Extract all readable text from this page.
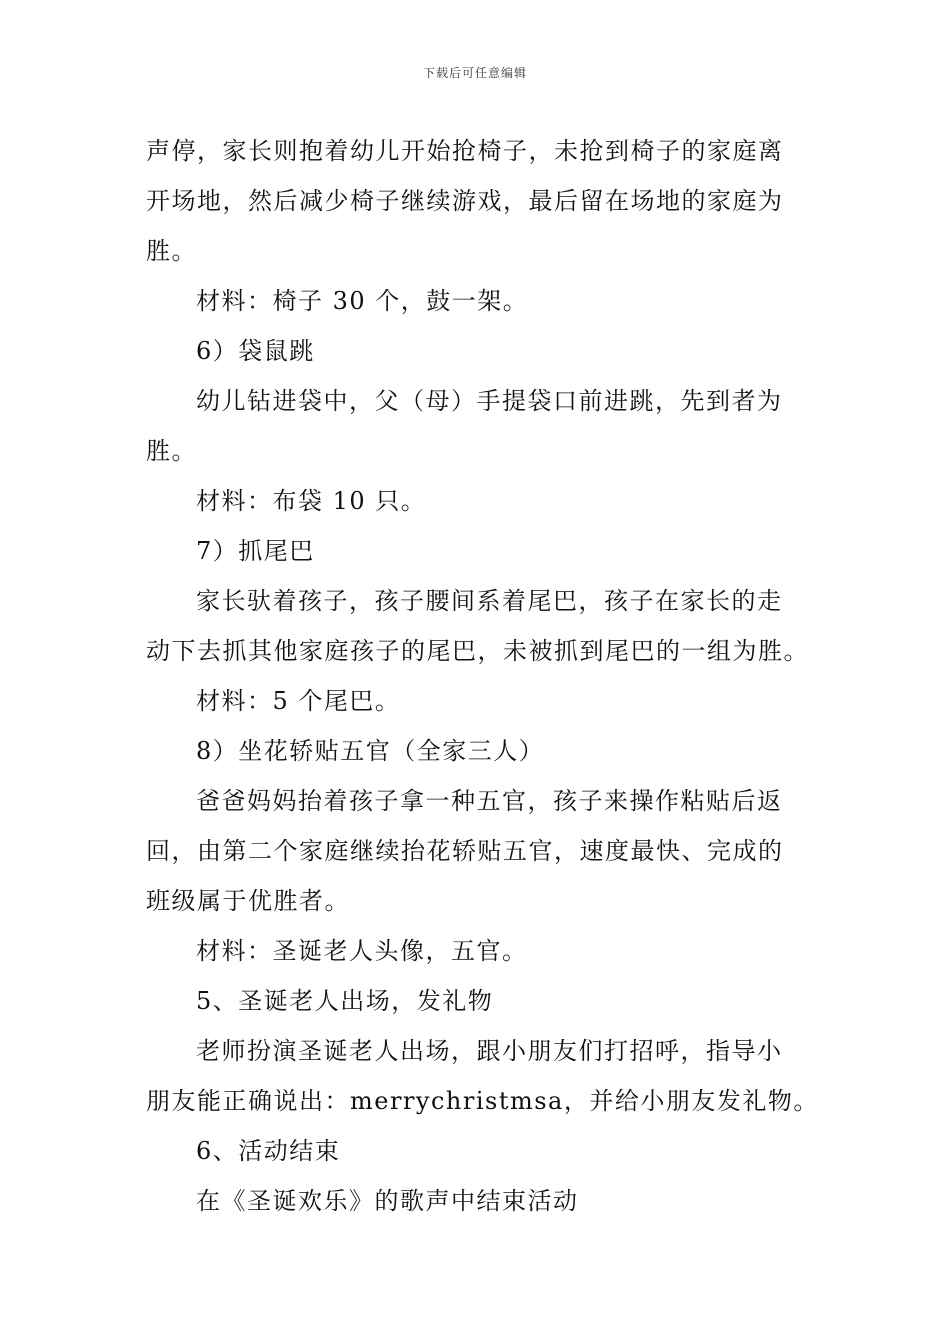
下载后可任意编辑
声停，家长则抱着幼儿开始抢椅子，未抢到椅子的家庭离
开场地，然后减少椅子继续游戏，最后留在场地的家庭为
胜。
材料：椅子 30 个，鼓一架。
6）袋鼠跳
幼儿钻进袋中，父（母）手提袋口前进跳，先到者为
胜。
材料：布袋 10 只。
7）抓尾巴
家长驮着孩子，孩子腰间系着尾巴，孩子在家长的走
动下去抓其他家庭孩子的尾巴，未被抓到尾巴的一组为胜。
材料：5 个尾巴。
8）坐花轿贴五官（全家三人）
爸爸妈妈抬着孩子拿一种五官，孩子来操作粘贴后返
回，由第二个家庭继续抬花轿贴五官，速度最快、完成的
班级属于优胜者。
材料：圣诞老人头像，五官。
5、圣诞老人出场，发礼物
老师扮演圣诞老人出场，跟小朋友们打招呼，指导小
朋友能正确说出：merrychristmsa，并给小朋友发礼物。
6、活动结束
在《圣诞欢乐》的歌声中结束活动
